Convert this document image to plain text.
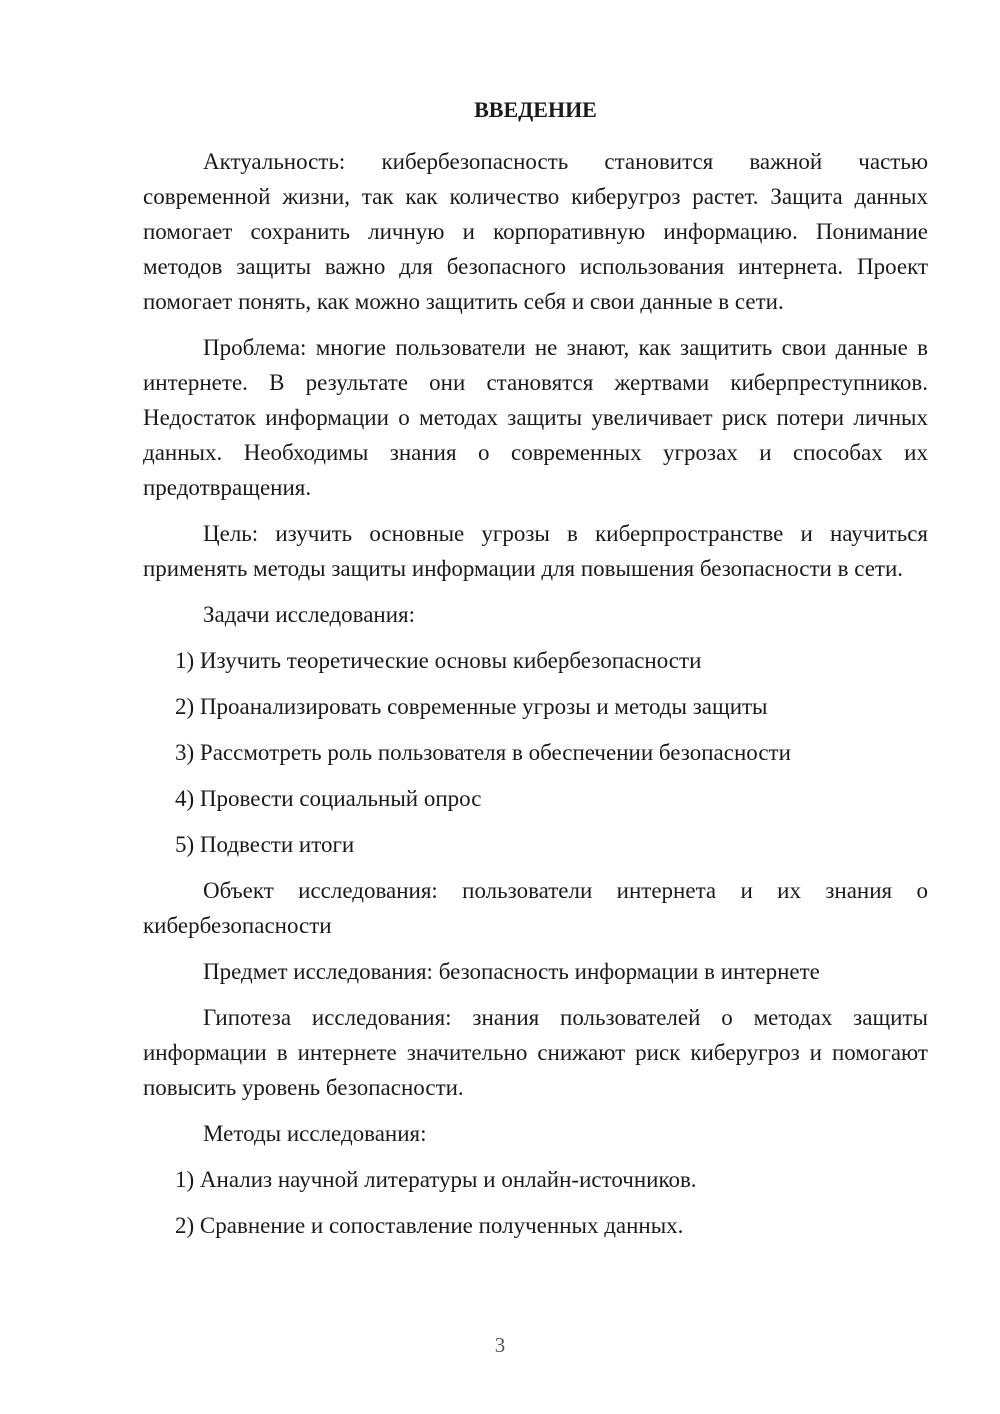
ВВЕДЕНИЕ

Актуальность: кибербезопасность становится важной частью современной жизни, так как количество киберугроз растет. Защита данных помогает сохранить личную и корпоративную информацию. Понимание методов защиты важно для безопасного использования интернета. Проект помогает понять, как можно защитить себя и свои данные в сети.

Проблема: многие пользователи не знают, как защитить свои данные в интернете. В результате они становятся жертвами киберпреступников. Недостаток информации о методах защиты увеличивает риск потери личных данных. Необходимы знания о современных угрозах и способах их предотвращения.

Цель: изучить основные угрозы в киберпространстве и научиться применять методы защиты информации для повышения безопасности в сети.

Задачи исследования:

1) Изучить теоретические основы кибербезопасности
2) Проанализировать современные угрозы и методы защиты
3) Рассмотреть роль пользователя в обеспечении безопасности
4) Провести социальный опрос
5) Подвести итоги

Объект исследования: пользователи интернета и их знания о кибербезопасности

Предмет исследования: безопасность информации в интернете

Гипотеза исследования: знания пользователей о методах защиты информации в интернете значительно снижают риск киберугроз и помогают повысить уровень безопасности.

Методы исследования:

1) Анализ научной литературы и онлайн-источников.
2) Сравнение и сопоставление полученных данных.
3
